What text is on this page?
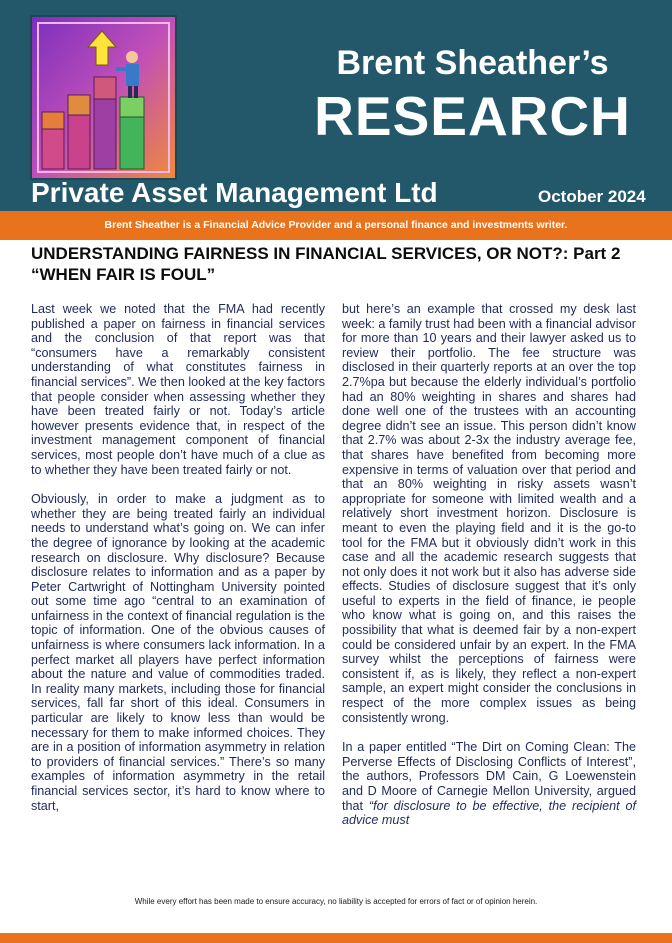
Brent Sheather’s
RESEARCH
Private Asset Management Ltd	October 2024
Brent Sheather is a Financial Advice Provider and a personal finance and investments writer.
UNDERSTANDING FAIRNESS IN FINANCIAL SERVICES, OR NOT?: Part 2
“WHEN FAIR IS FOUL”

Last week we noted that the FMA had recently published a paper on fairness in financial services and the conclusion of that report was that “consumers have a remarkably consistent understanding of what constitutes fairness in financial services”. We then looked at the key factors that people consider when assessing whether they have been treated fairly or not. Today’s article however presents evidence that, in respect of the investment management component of financial services, most people don’t have much of a clue as to whether they have been treated fairly or not.

Obviously, in order to make a judgment as to whether they are being treated fairly an individual needs to understand what’s going on. We can infer the degree of ignorance by looking at the academic research on disclosure. Why disclosure? Because disclosure relates to information and as a paper by Peter Cartwright of Nottingham University pointed out some time ago “central to an examination of unfairness in the context of financial regulation is the topic of information. One of the obvious causes of unfairness is where consumers lack information. In a perfect market all players have perfect information about the nature and value of commodities traded. In reality many markets, including those for financial services, fall far short of this ideal. Consumers in particular are likely to know less than would be necessary for them to make informed choices. They are in a position of information asymmetry in relation to providers of financial services.” There’s so many examples of information asymmetry in the retail financial services sector, it’s hard to know where to start,

but here’s an example that crossed my desk last week: a family trust had been with a financial advisor for more than 10 years and their lawyer asked us to review their portfolio. The fee structure was disclosed in their quarterly reports at an over the top 2.7%pa but because the elderly individual’s portfolio had an 80% weighting in shares and shares had done well one of the trustees with an accounting degree didn’t see an issue. This person didn’t know that 2.7% was about 2-3x the industry average fee, that shares have benefited from becoming more expensive in terms of valuation over that period and that an 80% weighting in risky assets wasn’t appropriate for someone with limited wealth and a relatively short investment horizon. Disclosure is meant to even the playing field and it is the go-to tool for the FMA but it obviously didn’t work in this case and all the academic research suggests that not only does it not work but it also has adverse side effects. Studies of disclosure suggest that it’s only useful to experts in the field of finance, ie people who know what is going on, and this raises the possibility that what is deemed fair by a non-expert could be considered unfair by an expert. In the FMA survey whilst the perceptions of fairness were consistent if, as is likely, they reflect a non-expert sample, an expert might consider the conclusions in respect of the more complex issues as being consistently wrong.

In a paper entitled “The Dirt on Coming Clean: The Perverse Effects of Disclosing Conflicts of Interest”, the authors, Professors DM Cain, G Loewenstein and D Moore of Carnegie Mellon University, argued that “for disclosure to be effective, the recipient of advice must

While every effort has been made to ensure accuracy, no liability is accepted for errors of fact or of opinion herein.
